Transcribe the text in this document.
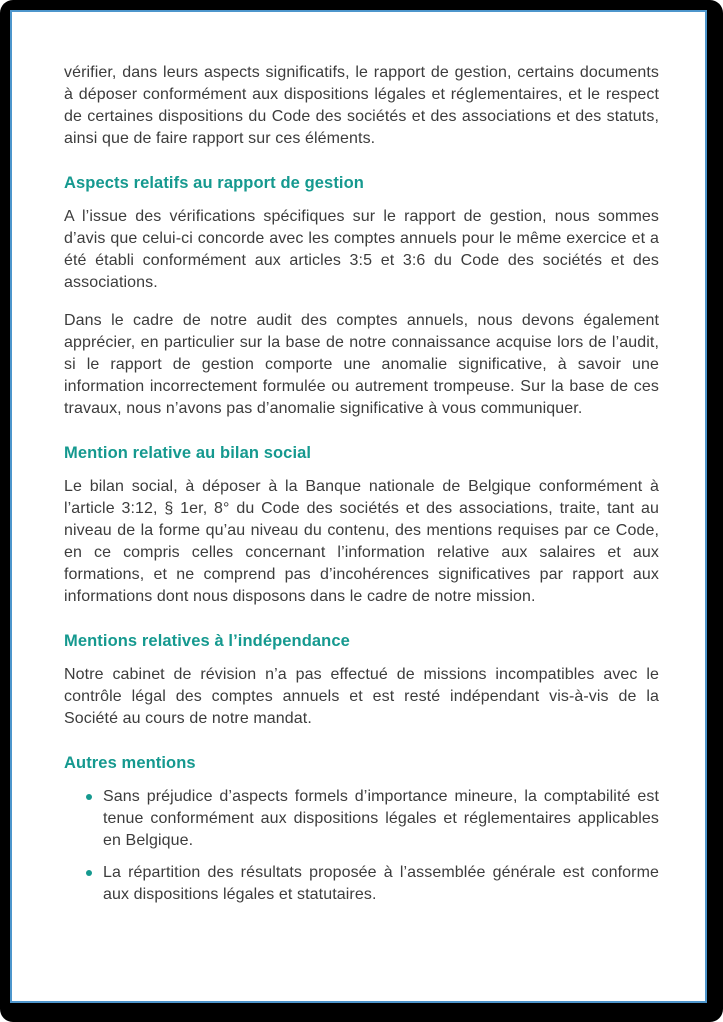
vérifier, dans leurs aspects significatifs, le rapport de gestion, certains documents à déposer conformément aux dispositions légales et réglementaires, et le respect de certaines dispositions du Code des sociétés et des associations et des statuts, ainsi que de faire rapport sur ces éléments.

Aspects relatifs au rapport de gestion

A l’issue des vérifications spécifiques sur le rapport de gestion, nous sommes d’avis que celui-ci concorde avec les comptes annuels pour le même exercice et a été établi conformément aux articles 3:5 et 3:6 du Code des sociétés et des associations.

Dans le cadre de notre audit des comptes annuels, nous devons également apprécier, en particulier sur la base de notre connaissance acquise lors de l’audit, si le rapport de gestion comporte une anomalie significative, à savoir une information incorrectement formulée ou autrement trompeuse. Sur la base de ces travaux, nous n’avons pas d’anomalie significative à vous communiquer.

Mention relative au bilan social

Le bilan social, à déposer à la Banque nationale de Belgique conformément à l’article 3:12, § 1er, 8° du Code des sociétés et des associations, traite, tant au niveau de la forme qu’au niveau du contenu, des mentions requises par ce Code, en ce compris celles concernant l’information relative aux salaires et aux formations, et ne comprend pas d’incohérences significatives par rapport aux informations dont nous disposons dans le cadre de notre mission.

Mentions relatives à l’indépendance

Notre cabinet de révision n’a pas effectué de missions incompatibles avec le contrôle légal des comptes annuels et est resté indépendant vis-à-vis de la Société au cours de notre mandat.

Autres mentions
Sans préjudice d’aspects formels d’importance mineure, la comptabilité est tenue conformément aux dispositions légales et réglementaires applicables en Belgique.
La répartition des résultats proposée à l’assemblée générale est conforme aux dispositions légales et statutaires.
